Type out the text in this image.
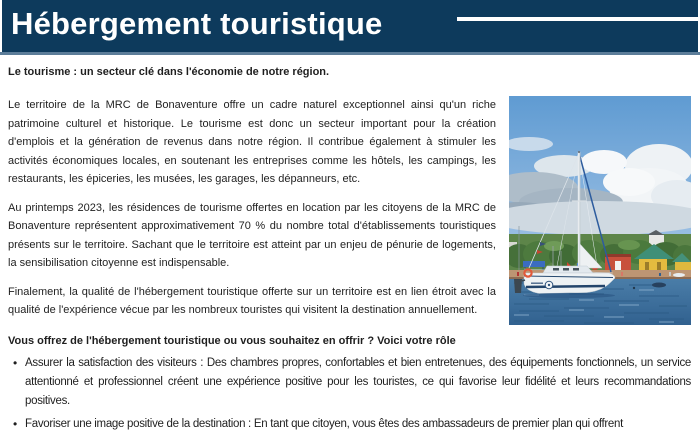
Hébergement touristique

Le tourisme : un secteur clé dans l'économie de notre région.

Le territoire de la MRC de Bonaventure offre un cadre naturel exceptionnel ainsi qu'un riche patrimoine culturel et historique. Le tourisme est donc un secteur important pour la création d'emplois et la génération de revenus dans notre région. Il contribue également à stimuler les activités économiques locales, en soutenant les entreprises comme les hôtels, les campings, les restaurants, les épiceries, les musées, les garages, les dépanneurs, etc.

Au printemps 2023, les résidences de tourisme offertes en location par les citoyens de la MRC de Bonaventure représentent approximativement 70 % du nombre total d'établissements touristiques présents sur le territoire. Sachant que le territoire est atteint par un enjeu de pénurie de logements, la sensibilisation citoyenne est indispensable.

Finalement, la qualité de l'hébergement touristique offerte sur un territoire est en lien étroit avec la qualité de l'expérience vécue par les nombreux touristes qui visitent la destination annuellement.

Vous offrez de l'hébergement touristique ou vous souhaitez en offrir ? Voici votre rôle

• Assurer la satisfaction des visiteurs : Des chambres propres, confortables et bien entretenues, des équipements fonctionnels, un service attentionné et professionnel créent une expérience positive pour les touristes, ce qui favorise leur fidélité et leurs recommandations positives.
• Favoriser une image positive de la destination : En tant que citoyen, vous êtes des ambassadeurs de premier plan qui offrent
